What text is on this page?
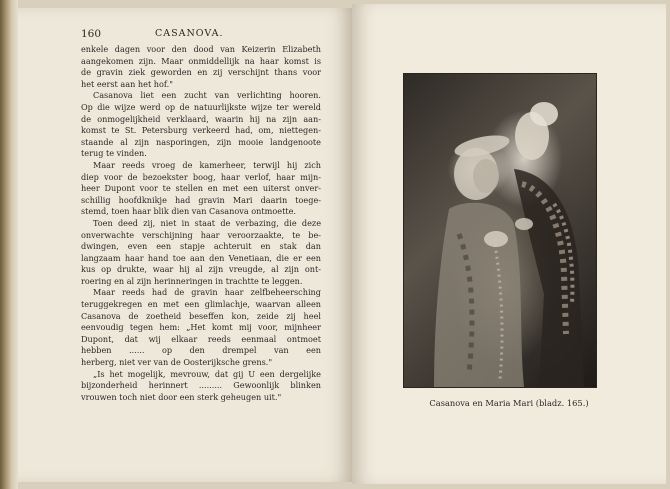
160	CASANOVA.
enkele dagen voor den dood van Keizerin Elizabeth
aangekomen zijn. Maar onmiddellijk na haar komst is
de gravin ziek geworden en zij verschijnt thans voor
het eerst aan het hof."
Casanova liet een zucht van verlichting hooren.
Op die wijze werd op de natuurlijkste wijze ter wereld
de onmogelijkheid verklaard, waarin hij na zijn aan-
komst te St. Petersburg verkeerd had, om, niettegen-
staande al zijn nasporingen, zijn mooie landgenoote
terug te vinden.
Maar reeds vroeg de kamerheer, terwijl hij zich
diep voor de bezoekster boog, haar verlof, haar mijn-
heer Dupont voor te stellen en met een uiterst onver-
schillig hoofdknikje had gravin Mari daarin toege-
stemd, toen haar blik dien van Casanova ontmoette.
Toen deed zij, niet in staat de verbazing, die deze
onverwachte verschijning haar veroorzaakte, te be-
dwingen, even een stapje achteruit en stak dan
langzaam haar hand toe aan den Venetiaan, die er een
kus op drukte, waar hij al zijn vreugde, al zijn ont-
roering en al zijn herinneringen in trachtte te leggen.
Maar reeds had de gravin haar zelfbeheersching
teruggekregen en met een glimlachje, waarvan alleen
Casanova de zoetheid beseffen kon, zeide zij heel
eenvoudig tegen hem: „Het komt mij voor, mijnheer
Dupont, dat wij elkaar reeds eenmaal ontmoet
hebben ...... op den drempel van een
herberg, niet ver van de Oosterijksche grens."
„Is het mogelijk, mevrouw, dat gij U een dergelijke
bijzonderheid herinnert ......... Gewoonlijk blinken
vrouwen toch niet door een sterk geheugen uit."
Casanova en Maria Mari (bladz. 165.)
